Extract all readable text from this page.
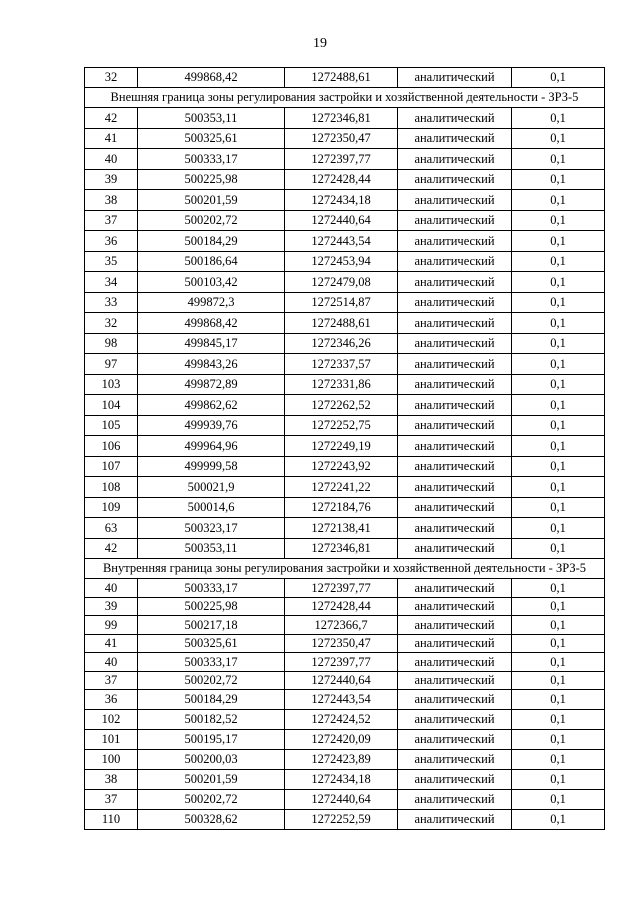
19
32	499868,42	1272488,61	аналитический	0,1
Внешняя граница зоны регулирования застройки и хозяйственной деятельности - ЗРЗ-5				
42	500353,11	1272346,81	аналитический	0,1
41	500325,61	1272350,47	аналитический	0,1
40	500333,17	1272397,77	аналитический	0,1
39	500225,98	1272428,44	аналитический	0,1
38	500201,59	1272434,18	аналитический	0,1
37	500202,72	1272440,64	аналитический	0,1
36	500184,29	1272443,54	аналитический	0,1
35	500186,64	1272453,94	аналитический	0,1
34	500103,42	1272479,08	аналитический	0,1
33	499872,3	1272514,87	аналитический	0,1
32	499868,42	1272488,61	аналитический	0,1
98	499845,17	1272346,26	аналитический	0,1
97	499843,26	1272337,57	аналитический	0,1
103	499872,89	1272331,86	аналитический	0,1
104	499862,62	1272262,52	аналитический	0,1
105	499939,76	1272252,75	аналитический	0,1
106	499964,96	1272249,19	аналитический	0,1
107	499999,58	1272243,92	аналитический	0,1
108	500021,9	1272241,22	аналитический	0,1
109	500014,6	1272184,76	аналитический	0,1
63	500323,17	1272138,41	аналитический	0,1
42	500353,11	1272346,81	аналитический	0,1
Внутренняя граница зоны регулирования застройки и хозяйственной деятельности - ЗРЗ-5				
40	500333,17	1272397,77	аналитический	0,1
39	500225,98	1272428,44	аналитический	0,1
99	500217,18	1272366,7	аналитический	0,1
41	500325,61	1272350,47	аналитический	0,1
40	500333,17	1272397,77	аналитический	0,1
37	500202,72	1272440,64	аналитический	0,1
36	500184,29	1272443,54	аналитический	0,1
102	500182,52	1272424,52	аналитический	0,1
101	500195,17	1272420,09	аналитический	0,1
100	500200,03	1272423,89	аналитический	0,1
38	500201,59	1272434,18	аналитический	0,1
37	500202,72	1272440,64	аналитический	0,1
110	500328,62	1272252,59	аналитический	0,1
